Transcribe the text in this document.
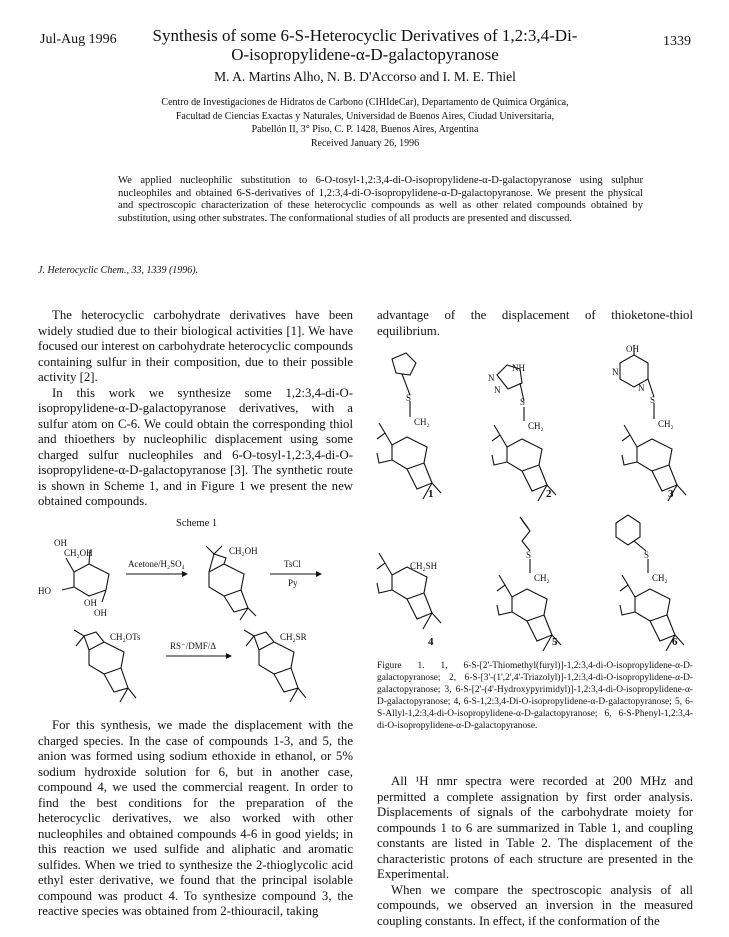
Jul-Aug 1996	1339
Synthesis of some 6-S-Heterocyclic Derivatives of 1,2:3,4-Di-
O-isopropylidene-α-D-galactopyranose
M. A. Martins Alho, N. B. D'Accorso and I. M. E. Thiel
Centro de Investigaciones de Hidratos de Carbono (CIHIdeCar), Departamento de Química Orgánica,
Facultad de Ciencias Exactas y Naturales, Universidad de Buenos Aires, Ciudad Universitaria,
Pabellón II, 3° Piso, C. P. 1428, Buenos Aires, Argentina
Received January 26, 1996
We applied nucleophilic substitution to 6-O-tosyl-1,2:3,4-di-O-isopropylidene-α-D-galactopyranose using sulphur nucleophiles and obtained 6-S-derivatives of 1,2:3,4-di-O-isopropylidene-α-D-galactopyranose. We present the physical and spectroscopic characterization of these heterocyclic compounds as well as other related compounds obtained by substitution, using other substrates. The conformational studies of all products are presented and discussed.
J. Heterocyclic Chem., 33, 1339 (1996).

The heterocyclic carbohydrate derivatives have been widely studied due to their biological activities [1]. We have focused our interest on carbohydrate heterocyclic compounds containing sulfur in their composition, due to their possible activity [2].

In this work we synthesize some 1,2:3,4-di-O-isopropylidene-α-D-galactopyranose derivatives, with a sulfur atom on C-6. We could obtain the corresponding thiol and thioethers by nucleophilic displacement using some charged sulfur nucleophiles and 6-O-tosyl-1,2:3,4-di-O-isopropylidene-α-D-galactopyranose [3]. The synthetic route is shown in Scheme 1, and in Figure 1 we present the new obtained compounds.

Scheme 1
OH
CH₂OH
HO
OH
OH
Acetone/H₂SO₄
CH₂OH
TsCl
Py
CH₂OTs
RS⁻/DMF/Δ
CH₂SR

For this synthesis, we made the displacement with the charged species. In the case of compounds 1-3, and 5, the anion was formed using sodium ethoxide in ethanol, or 5% sodium hydroxide solution for 6, but in another case, compound 4, we used the commercial reagent. In order to find the best conditions for the preparation of the heterocyclic derivatives, we also worked with other nucleophiles and obtained compounds 4-6 in good yields; in this reaction we used sulfide and aliphatic and aromatic sulfides. When we tried to synthesize the 2-thioglycolic acid ethyl ester derivative, we found that the principal isolable compound was product 4. To synthesize compound 3, the reactive species was obtained from 2-thiouracil, taking

advantage of the displacement of thioketone-thiol equilibrium.

S
CH₂
1
NH
N
N
S
CH₂
2
OH
N
N
S
CH₂
3
CH₂SH
4
S
CH₂
5
S
CH₂
6
Figure 1. 1, 6-S-[2'-Thiomethyl(furyl)]-1,2:3,4-di-O-isopropylidene-α-D-galactopyranose; 2, 6-S-[3'-(1',2',4'-Triazolyl)]-1,2:3,4-di-O-isopropylidene-α-D-galactopyranose; 3, 6-S-[2'-(4'-Hydroxypyrimidyl)]-1,2:3,4-di-O-isopropylidene-α-D-galactopyranose; 4, 6-S-1,2:3,4-Di-O-isopropylidene-α-D-galactopyranose; 5, 6-S-Allyl-1,2:3,4-di-O-isopropylidene-α-D-galactopyranose; 6, 6-S-Phenyl-1,2:3,4-di-O-isopropylidene-α-D-galactopyranose.

All ¹H nmr spectra were recorded at 200 MHz and permitted a complete assignation by first order analysis. Displacements of signals of the carbohydrate moiety for compounds 1 to 6 are summarized in Table 1, and coupling constants are listed in Table 2. The displacement of the characteristic protons of each structure are presented in the Experimental.

When we compare the spectroscopic analysis of all compounds, we observed an inversion in the measured coupling constants. In effect, if the conformation of the
